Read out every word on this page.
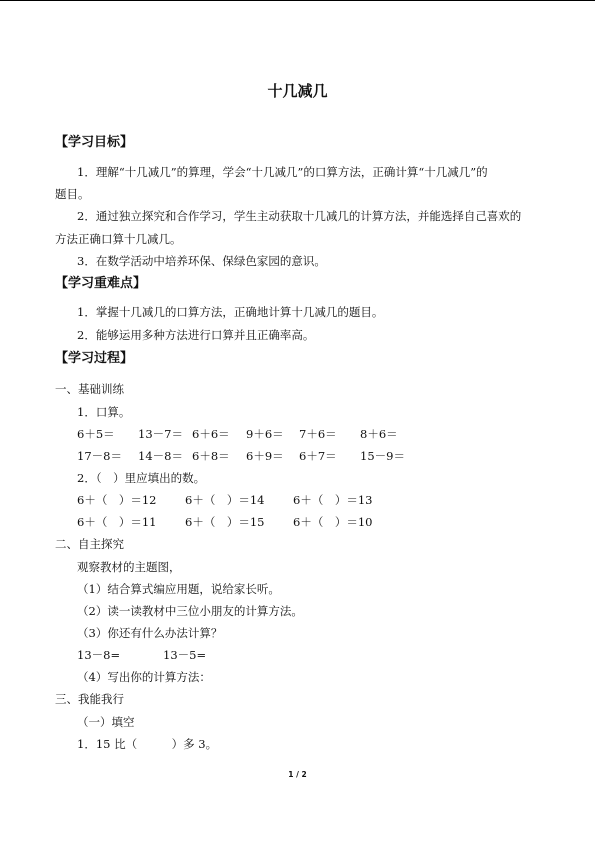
十几减几
【学习目标】
1．理解“十几减几”的算理，学会“十几减几”的口算方法，正确计算“十几减几”的
题目。
2．通过独立探究和合作学习，学生主动获取十几减几的计算方法，并能选择自己喜欢的
方法正确口算十几减几。
3．在数学活动中培养环保、保绿色家园的意识。
【学习重难点】
1．掌握十几减几的口算方法，正确地计算十几减几的题目。
2．能够运用多种方法进行口算并且正确率高。
【学习过程】
一、基础训练
1．口算。
6＋5＝ 13－7＝ 6＋6＝ 9＋6＝ 7＋6＝ 8＋6＝
17－8＝ 14－8＝ 6＋8＝ 6＋9＝ 6＋7＝ 15－9＝
2．（　）里应填出的数。
6＋（　）＝12 6＋（　）＝14 6＋（　）＝13
6＋（　）＝11 6＋（　）＝15 6＋（　）＝10
二、自主探究
观察教材的主题图，
（1）结合算式编应用题，说给家长听。
（2）读一读教材中三位小朋友的计算方法。
（3）你还有什么办法计算？
13－8=	13－5=
（4）写出你的计算方法：
三、我能我行
（一）填空
1．15 比（　　　）多 3。
1 / 2
